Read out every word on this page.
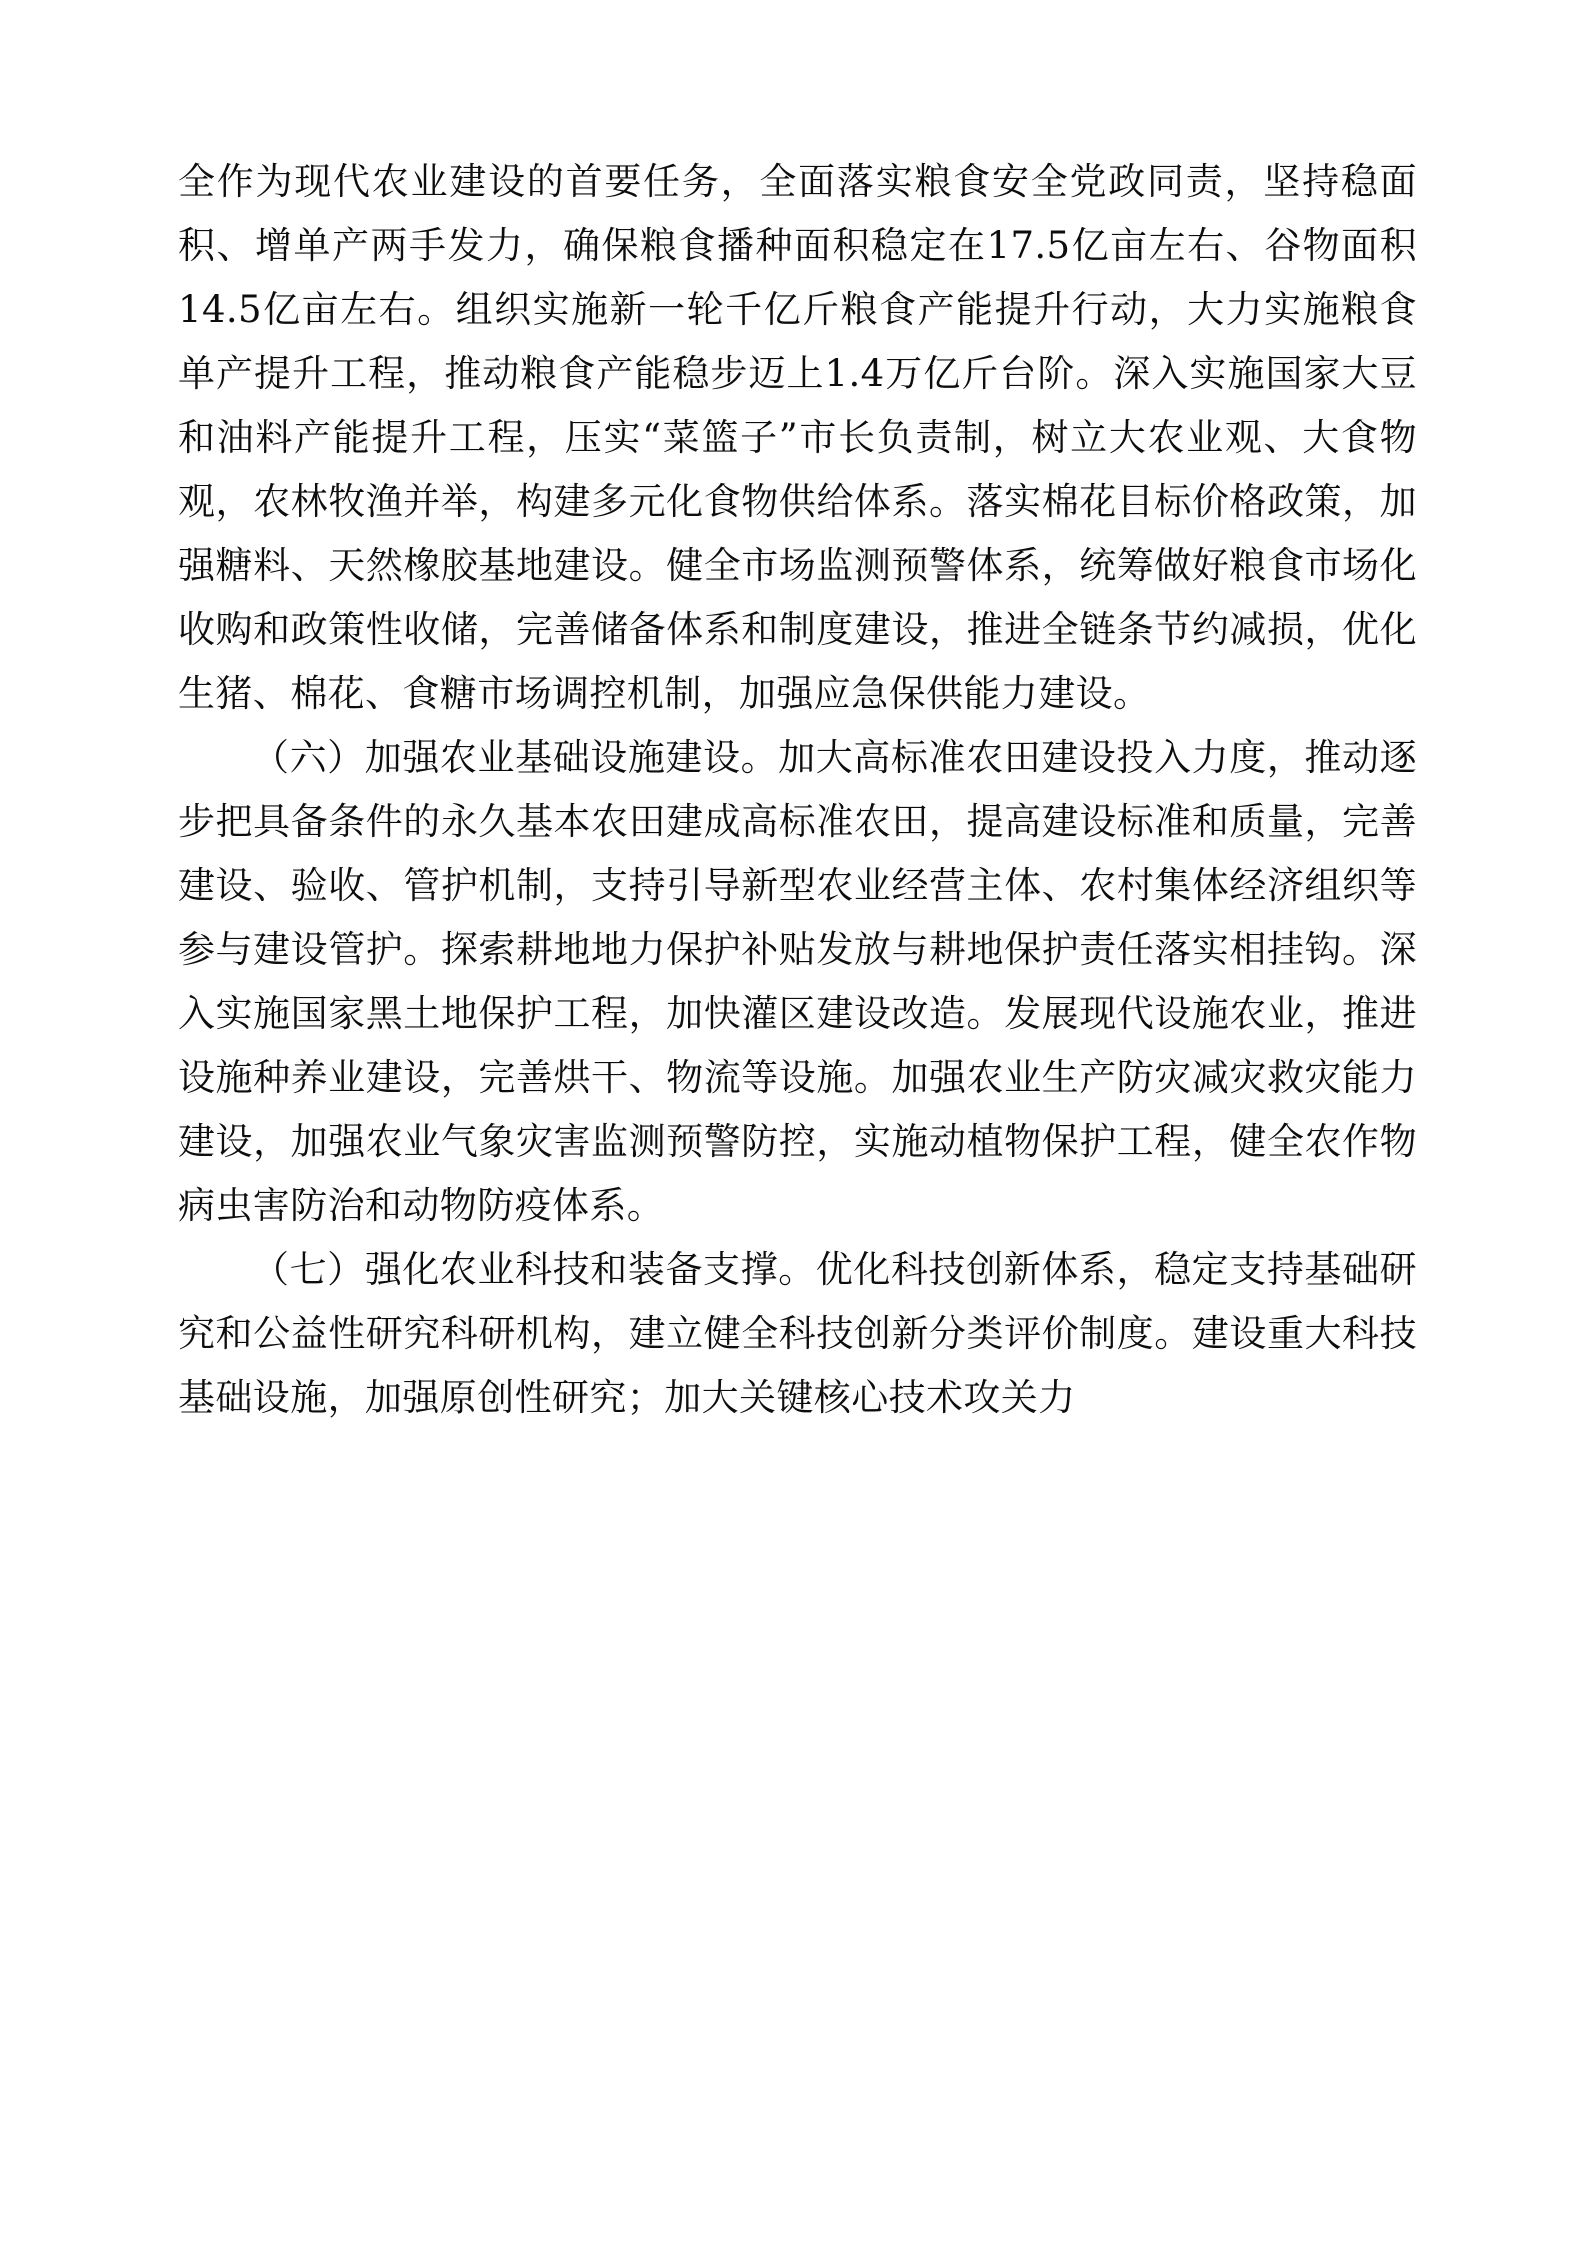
全作为现代农业建设的首要任务，全面落实粮食安全党政同责，坚持稳面积、增单产两手发力，确保粮食播种面积稳定在17.5亿亩左右、谷物面积14.5亿亩左右。组织实施新一轮千亿斤粮食产能提升行动，大力实施粮食单产提升工程，推动粮食产能稳步迈上1.4万亿斤台阶。深入实施国家大豆和油料产能提升工程，压实“菜篮子”市长负责制，树立大农业观、大食物观，农林牧渔并举，构建多元化食物供给体系。落实棉花目标价格政策，加强糖料、天然橡胶基地建设。健全市场监测预警体系，统筹做好粮食市场化收购和政策性收储，完善储备体系和制度建设，推进全链条节约减损，优化生猪、棉花、食糖市场调控机制，加强应急保供能力建设。

（六）加强农业基础设施建设。加大高标准农田建设投入力度，推动逐步把具备条件的永久基本农田建成高标准农田，提高建设标准和质量，完善建设、验收、管护机制，支持引导新型农业经营主体、农村集体经济组织等参与建设管护。探索耕地地力保护补贴发放与耕地保护责任落实相挂钩。深入实施国家黑土地保护工程，加快灌区建设改造。发展现代设施农业，推进设施种养业建设，完善烘干、物流等设施。加强农业生产防灾减灾救灾能力建设，加强农业气象灾害监测预警防控，实施动植物保护工程，健全农作物病虫害防治和动物防疫体系。

（七）强化农业科技和装备支撑。优化科技创新体系，稳定支持基础研究和公益性研究科研机构，建立健全科技创新分类评价制度。建设重大科技基础设施，加强原创性研究；加大关键核心技术攻关力
